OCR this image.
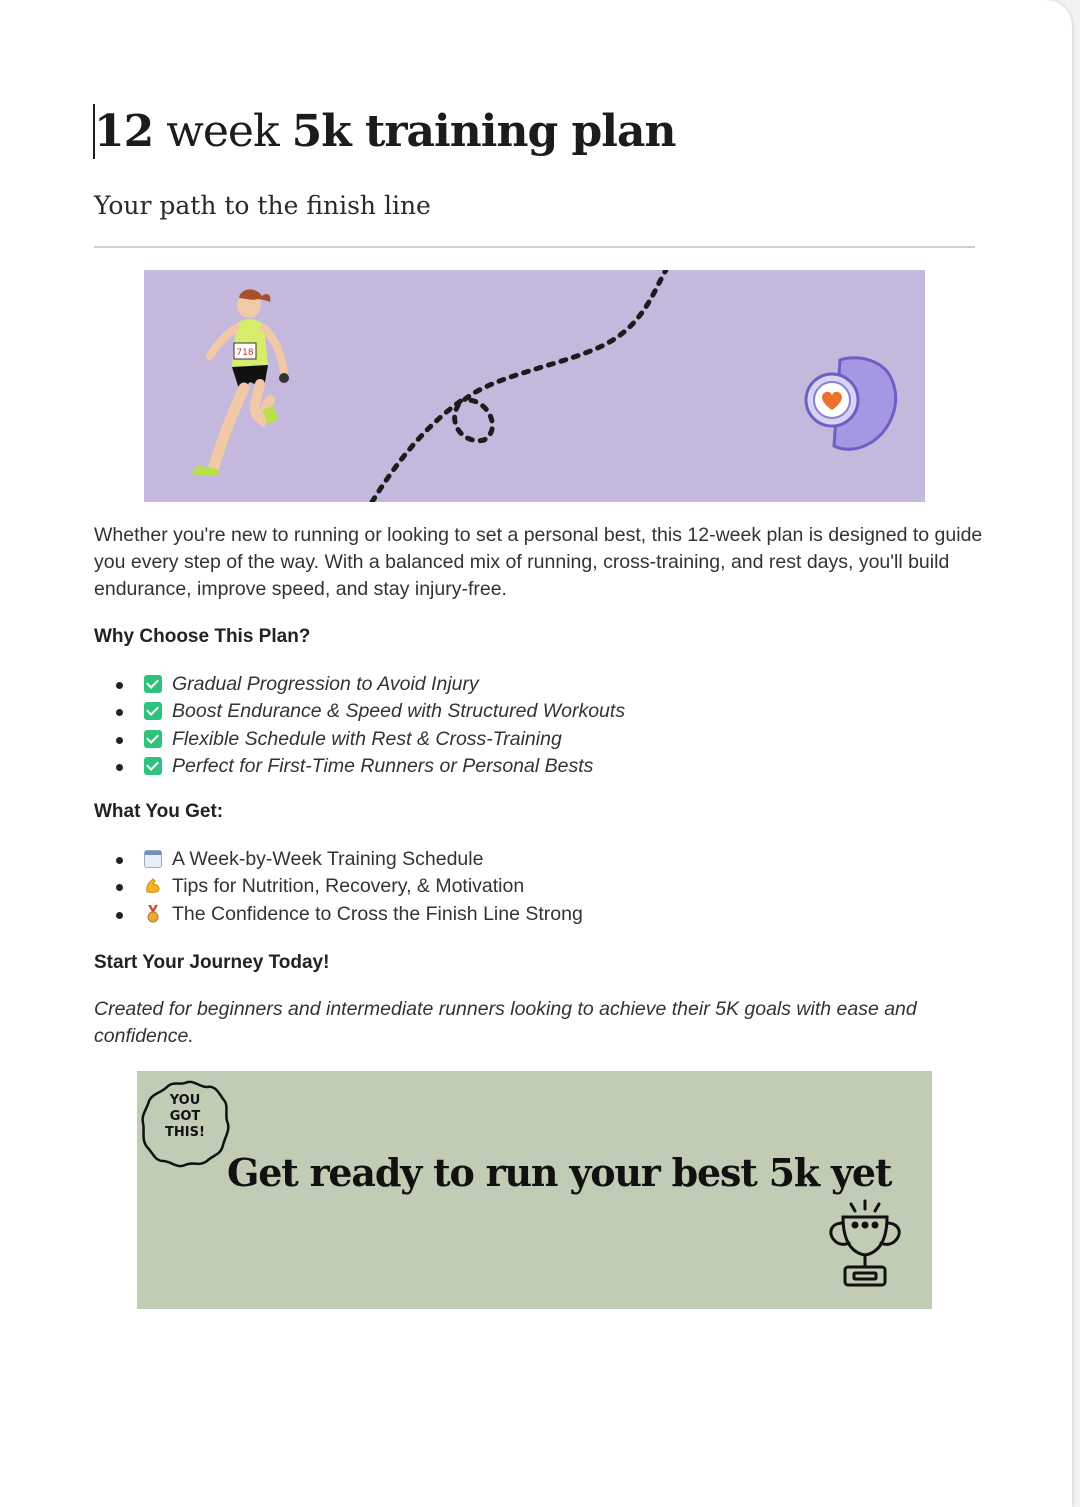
12 week 5k training plan
Your path to the finish line
718

Whether you're new to running or looking to set a personal best, this 12-week plan is designed to guide you every step of the way. With a balanced mix of running, cross-training, and rest days, you'll build endurance, improve speed, and stay injury-free.

Why Choose This Plan?
Gradual Progression to Avoid Injury
Boost Endurance & Speed with Structured Workouts
Flexible Schedule with Rest & Cross-Training
Perfect for First-Time Runners or Personal Bests
What You Get:
A Week-by-Week Training Schedule
Tips for Nutrition, Recovery, & Motivation
The Confidence to Cross the Finish Line Strong
Start Your Journey Today!

Created for beginners and intermediate runners looking to achieve their 5K goals with ease and confidence.

YOU
GOT
THIS!
Get ready to run your best 5k yet
